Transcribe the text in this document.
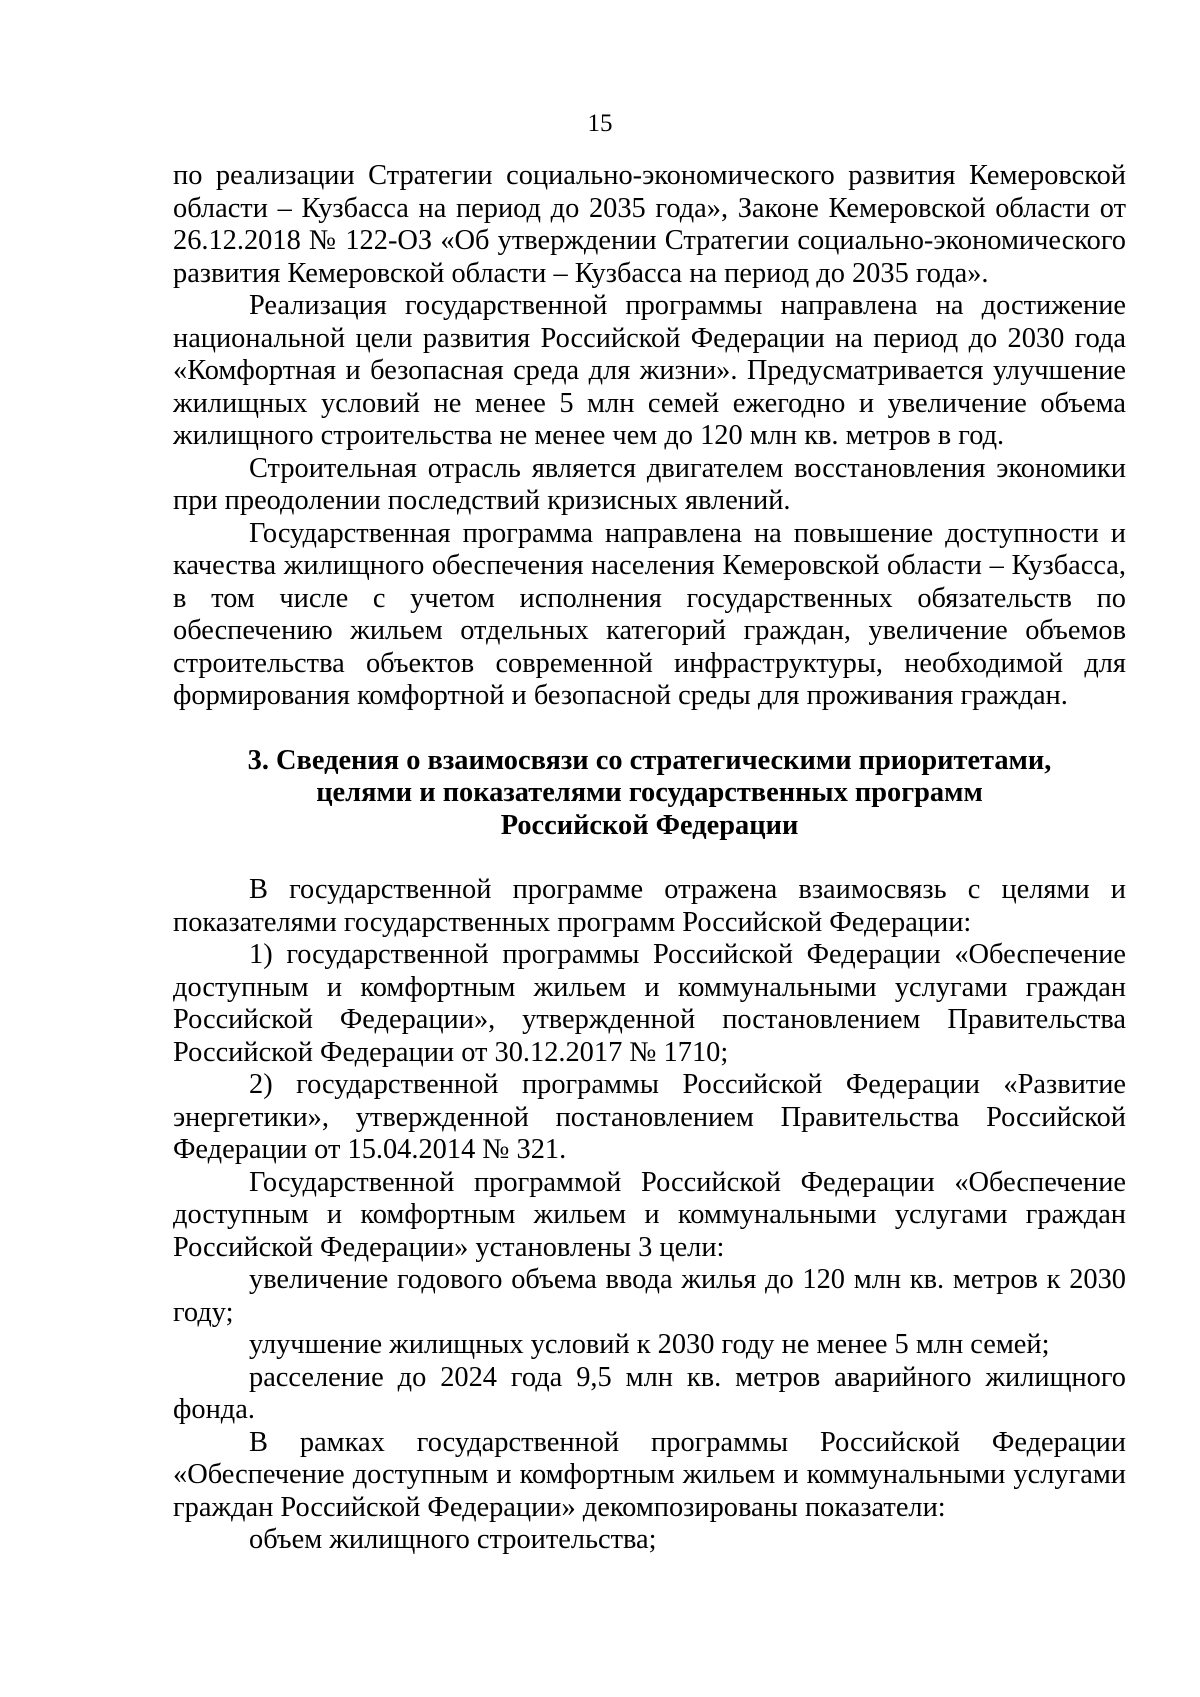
15

по реализации Стратегии социально-экономического развития Кемеровской области – Кузбасса на период до 2035 года», Законе Кемеровской области от 26.12.2018 № 122-ОЗ «Об утверждении Стратегии социально-экономического развития Кемеровской области – Кузбасса на период до 2035 года».

Реализация государственной программы направлена на достижение национальной цели развития Российской Федерации на период до 2030 года «Комфортная и безопасная среда для жизни». Предусматривается улучшение жилищных условий не менее 5 млн семей ежегодно и увеличение объема жилищного строительства не менее чем до 120 млн кв. метров в год.

Строительная отрасль является двигателем восстановления экономики при преодолении последствий кризисных явлений.

Государственная программа направлена на повышение доступности и качества жилищного обеспечения населения Кемеровской области – Кузбасса, в том числе с учетом исполнения государственных обязательств по обеспечению жильем отдельных категорий граждан, увеличение объемов строительства объектов современной инфраструктуры, необходимой для формирования комфортной и безопасной среды для проживания граждан.

3. Сведения о взаимосвязи со стратегическими приоритетами,

целями и показателями государственных программ

Российской Федерации

В государственной программе отражена взаимосвязь с целями и показателями государственных программ Российской Федерации:

1) государственной программы Российской Федерации «Обеспечение доступным и комфортным жильем и коммунальными услугами граждан Российской Федерации», утвержденной постановлением Правительства Российской Федерации от 30.12.2017 № 1710;

2) государственной программы Российской Федерации «Развитие энергетики», утвержденной постановлением Правительства Российской Федерации от 15.04.2014 № 321.

Государственной программой Российской Федерации «Обеспечение доступным и комфортным жильем и коммунальными услугами граждан Российской Федерации» установлены 3 цели:

увеличение годового объема ввода жилья до 120 млн кв. метров к 2030 году;

улучшение жилищных условий к 2030 году не менее 5 млн семей;

расселение до 2024 года 9,5 млн кв. метров аварийного жилищного фонда.

В рамках государственной программы Российской Федерации «Обеспечение доступным и комфортным жильем и коммунальными услугами граждан Российской Федерации» декомпозированы показатели:

объем жилищного строительства;
